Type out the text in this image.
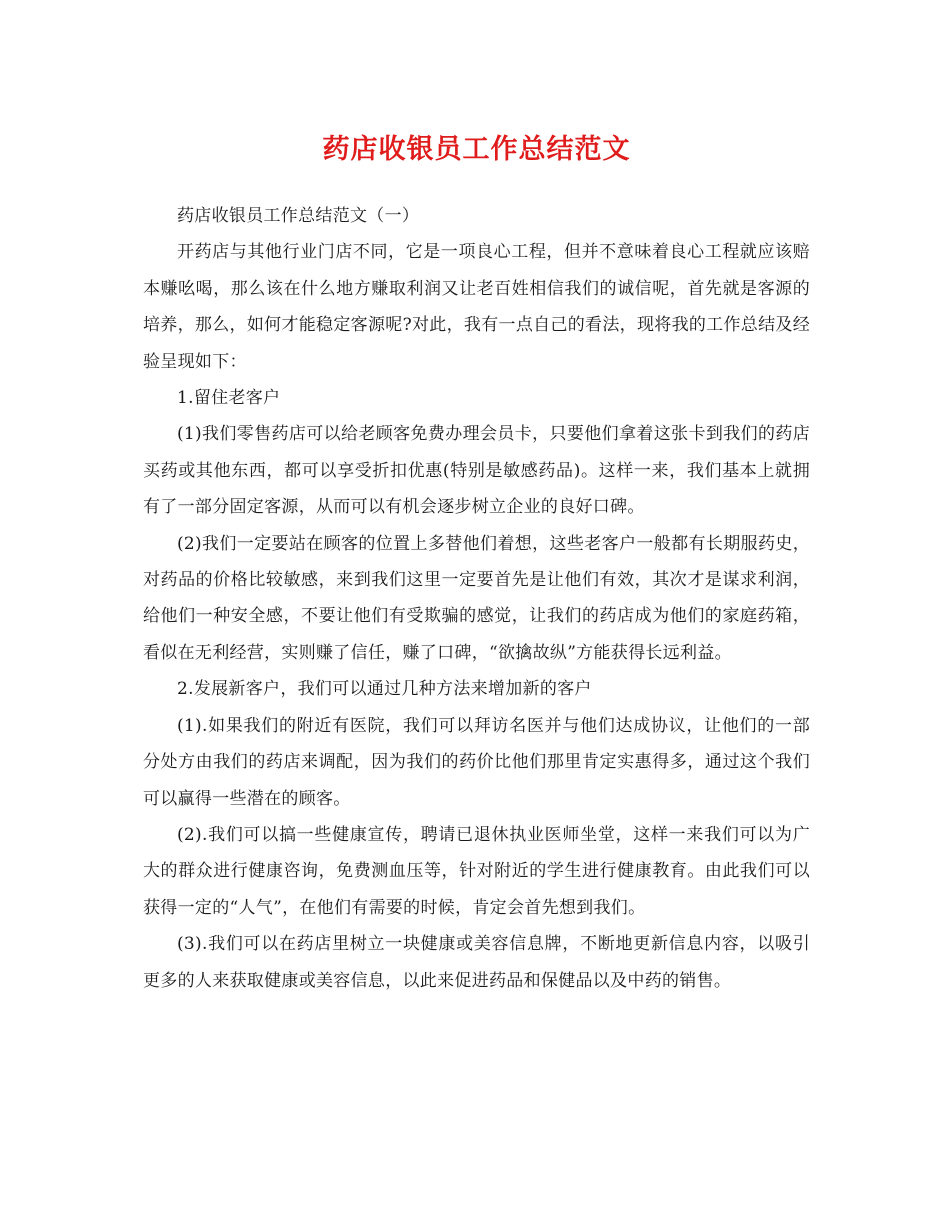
药店收银员工作总结范文

药店收银员工作总结范文（一）

开药店与其他行业门店不同，它是一项良心工程，但并不意味着良心工程就应该赔本赚吆喝，那么该在什么地方赚取利润又让老百姓相信我们的诚信呢，首先就是客源的培养，那么，如何才能稳定客源呢?对此，我有一点自己的看法，现将我的工作总结及经验呈现如下：

1.留住老客户

(1)我们零售药店可以给老顾客免费办理会员卡，只要他们拿着这张卡到我们的药店买药或其他东西，都可以享受折扣优惠(特别是敏感药品)。这样一来，我们基本上就拥有了一部分固定客源，从而可以有机会逐步树立企业的良好口碑。

(2)我们一定要站在顾客的位置上多替他们着想，这些老客户一般都有长期服药史，对药品的价格比较敏感，来到我们这里一定要首先是让他们有效，其次才是谋求利润，给他们一种安全感，不要让他们有受欺骗的感觉，让我们的药店成为他们的家庭药箱，看似在无利经营，实则赚了信任，赚了口碑，“欲擒故纵”方能获得长远利益。

2.发展新客户，我们可以通过几种方法来增加新的客户

(1).如果我们的附近有医院，我们可以拜访名医并与他们达成协议，让他们的一部分处方由我们的药店来调配，因为我们的药价比他们那里肯定实惠得多，通过这个我们可以赢得一些潜在的顾客。

(2).我们可以搞一些健康宣传，聘请已退休执业医师坐堂，这样一来我们可以为广大的群众进行健康咨询，免费测血压等，针对附近的学生进行健康教育。由此我们可以获得一定的“人气”，在他们有需要的时候，肯定会首先想到我们。

(3).我们可以在药店里树立一块健康或美容信息牌，不断地更新信息内容，以吸引更多的人来获取健康或美容信息，以此来促进药品和保健品以及中药的销售。
